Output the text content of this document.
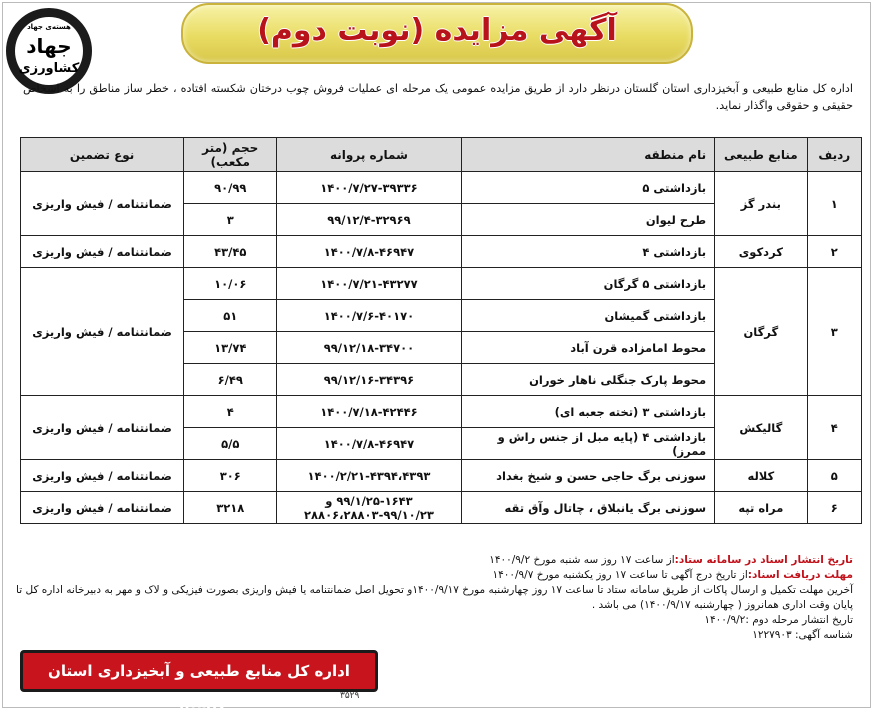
آگهی مزایده (نوبت دوم)
هسته‌ی جهاد
جهاد
کشاورزی
اداره کل منابع طبیعی و آبخیزداری استان گلستان درنظر دارد از طریق مزایده عمومی یک مرحله ای عملیات فروش چوب درختان شکسته افتاده ، خطر ساز مناطق را به اشخاص حقیقی و حقوقی واگذار نماید.
ردیف	منابع طبیعی	نام منطقه	شماره پروانه	حجم (متر مکعب)	نوع تضمین
۱	بندر گز	بازداشتی ۵	۱۴۰۰/۷/۲۷-۳۹۳۳۶	۹۰/۹۹	ضمانتنامه / فیش واریزی
		طرح لیوان	۹۹/۱۲/۴-۳۲۹۶۹	۳	
۲	کردکوی	بازداشتی ۴	۱۴۰۰/۷/۸-۴۶۹۴۷	۴۳/۴۵	ضمانتنامه / فیش واریزی
۳	گرگان	بازداشتی ۵ گرگان	۱۴۰۰/۷/۲۱-۴۳۲۷۷	۱۰/۰۶	ضمانتنامه / فیش واریزی
		بازداشتی گمیشان	۱۴۰۰/۷/۶-۴۰۱۷۰	۵۱	
		محوط امامزاده قرن آباد	۹۹/۱۲/۱۸-۳۴۷۰۰	۱۳/۷۴	
		محوط پارک جنگلی ناهار خوران	۹۹/۱۲/۱۶-۳۴۳۹۶	۶/۴۹	
۴	گالیکش	بازداشتی ۳ (تخته جعبه ای)	۱۴۰۰/۷/۱۸-۴۲۴۴۶	۴	ضمانتنامه / فیش واریزی
		بازداشتی ۴ (پایه مبل از جنس راش و ممرز)	۱۴۰۰/۷/۸-۴۶۹۴۷	۵/۵	
۵	کلاله	سوزنی برگ حاجی حسن و شیخ بغداد	۱۴۰۰/۲/۲۱-۴۳۹۴،۴۳۹۳	۳۰۶	ضمانتنامه / فیش واریزی
۶	مراه تپه	سوزنی برگ یانبلاق ، چاتال وآق تقه	۹۹/۱/۲۵-۱۶۴۳ و ۹۹/۱۰/۲۳-۲۸۸۰۶،۲۸۸۰۳	۳۲۱۸	ضمانتنامه / فیش واریزی
تاریخ انتشار اسناد در سامانه ستاد:از ساعت ۱۷ روز سه شنبه مورخ ۱۴۰۰/۹/۲
مهلت دریافت اسناد:از تاریخ درج آگهی تا ساعت ۱۷ روز یکشنبه مورخ ۱۴۰۰/۹/۷
آخرین مهلت تکمیل و ارسال پاکات از طریق سامانه ستاد تا ساعت ۱۷ روز چهارشنبه مورخ ۱۴۰۰/۹/۱۷و تحویل اصل ضمانتنامه یا فیش واریزی بصورت فیزیکی و لاک و مهر به دبیرخانه اداره کل تا پایان وقت اداری همانروز ( چهارشنبه ۱۴۰۰/۹/۱۷) می باشد .
تاریخ انتشار مرحله دوم :۱۴۰۰/۹/۲
شناسه آگهی: ۱۲۲۷۹۰۳
اداره کل منابع طبیعی و آبخیزداری استان گلستان
۳۵۲۹
